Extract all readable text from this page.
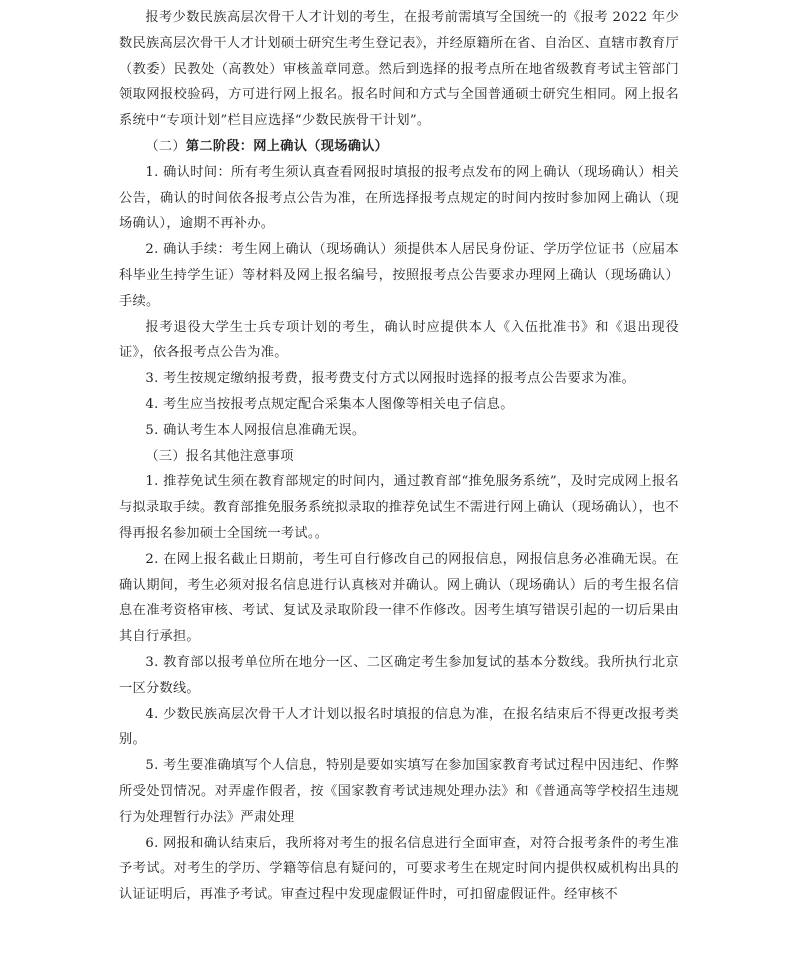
报考少数民族高层次骨干人才计划的考生，在报考前需填写全国统一的《报考 2022 年少数民族高层次骨干人才计划硕士研究生考生登记表》，并经原籍所在省、自治区、直辖市教育厅（教委）民教处（高教处）审核盖章同意。然后到选择的报考点所在地省级教育考试主管部门领取网报校验码，方可进行网上报名。报名时间和方式与全国普通硕士研究生相同。网上报名系统中“专项计划”栏目应选择“少数民族骨干计划”。

（二）第二阶段：网上确认（现场确认）

1. 确认时间：所有考生须认真查看网报时填报的报考点发布的网上确认（现场确认）相关公告，确认的时间依各报考点公告为准，在所选择报考点规定的时间内按时参加网上确认（现场确认），逾期不再补办。

2. 确认手续：考生网上确认（现场确认）须提供本人居民身份证、学历学位证书（应届本科毕业生持学生证）等材料及网上报名编号，按照报考点公告要求办理网上确认（现场确认）手续。

报考退役大学生士兵专项计划的考生，确认时应提供本人《入伍批准书》和《退出现役证》，依各报考点公告为准。

3. 考生按规定缴纳报考费，报考费支付方式以网报时选择的报考点公告要求为准。

4. 考生应当按报考点规定配合采集本人图像等相关电子信息。

5. 确认考生本人网报信息准确无误。

（三）报名其他注意事项

1. 推荐免试生须在教育部规定的时间内，通过教育部“推免服务系统”，及时完成网上报名与拟录取手续。教育部推免服务系统拟录取的推荐免试生不需进行网上确认（现场确认），也不得再报名参加硕士全国统一考试。。

2. 在网上报名截止日期前，考生可自行修改自己的网报信息，网报信息务必准确无误。在确认期间，考生必须对报名信息进行认真核对并确认。网上确认（现场确认）后的考生报名信息在准考资格审核、考试、复试及录取阶段一律不作修改。因考生填写错误引起的一切后果由其自行承担。

3. 教育部以报考单位所在地分一区、二区确定考生参加复试的基本分数线。我所执行北京一区分数线。

4. 少数民族高层次骨干人才计划以报名时填报的信息为准，在报名结束后不得更改报考类别。

5. 考生要准确填写个人信息，特别是要如实填写在参加国家教育考试过程中因违纪、作弊所受处罚情况。对弄虚作假者，按《国家教育考试违规处理办法》和《普通高等学校招生违规行为处理暂行办法》严肃处理

6. 网报和确认结束后，我所将对考生的报名信息进行全面审查，对符合报考条件的考生准予考试。对考生的学历、学籍等信息有疑问的，可要求考生在规定时间内提供权威机构出具的认证证明后，再准予考试。审查过程中发现虚假证件时，可扣留虚假证件。经审核不
